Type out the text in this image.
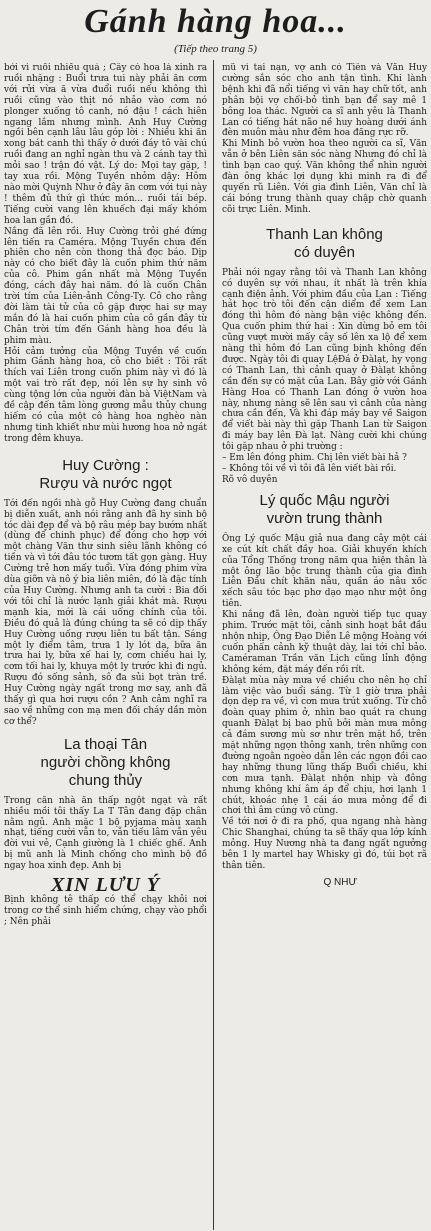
Gánh hàng hoa...
(Tiếp theo trang 5)

bởi vì ruồi nhiều quá ; Cây có hoa lá xinh ra ruồi nhặng : Buổi trưa tui này phải ăn cơm với rửi vừa ă vừa đuổi ruồi nếu không thì ruồi cũng vào thịt nó nhảo vào cơm nó plonger xuống tô canh, nó đậu ! cách hiên ngang lắm nhưng mình. Anh Huy Cường ngồi bên cạnh lâu lâu góp lời : Nhiều khi ăn xong bát canh thì thấy ở dưới đáy tô vài chú ruồi đang an nghỉ ngàn thu và 2 cánh tay thì mỏi sao ! trận đó vật. Lý do: Mọi tay gặp, ! tay xua rồi. Mộng Tuyền nhỏm dậy: Hôm nào mời Quỳnh Như ở đây ăn cơm với tụi này ! thêm đủ thứ gì thức món... ruồi tái bép. Tiếng cười vang lên khuếch đại mấy khóm hoa lan gần đó.

Nắng đã lên rồi. Huy Cường trỏi ghé đứng lên tiến ra Caméra. Mộng Tuyền chưa đến phiên cho nên còn thong thả đọc báo. Dịp này có cho biết đây là cuốn phim thứ năm của cô. Phim gần nhất mà Mộng Tuyền đóng, cách đây hai năm. đó là cuốn Chân trời tím của Liên-ảnh Công-Ty. Cô cho rằng đời làm tài tử của cô gặp được hai sự may mắn đó là hai cuốn phim của cô gần đây từ Chân trời tím đến Gánh hàng hoa đều là phim màu.

Hỏi cảm tưởng của Mộng Tuyền về cuốn phim Gánh hàng hoa, cô cho biết : Tôi rất thích vai Liên trong cuốn phim này vì đó là một vai trò rất đẹp, nói lên sự hy sinh vô cùng tộng lớn của người đàn bà ViệtNam và đề cập đến tâm lòng gương mẫu thủy chung hiếm có của một cô hàng hoa nghèo nàn nhưng tinh khiết như mùi hương hoa nở ngát trong đêm khuya.

Huy Cường :
Rượu và nước ngọt

Tới đến ngồi nhà gỗ Huy Cường đang chuẩn bị diễn xuất, anh nói rằng anh đã hy sinh bộ tóc dài đẹp để và bộ râu mép bay bướm nhất (dùng để chinh phục) để đóng cho hợp với một chàng Văn thư sinh siêu lãnh không có tiền và vì tới đâu tóc tươm tất gọn gàng. Huy Cường trẻ hơn mấy tuổi. Vừa đóng phim vừa dùa giỡn và nô ý bia liên miên, đó là đặc tính của Huy Cường. Nhưng anh ta cười : Bia đối với tôi chỉ là nước lạnh giải khát mà. Rượu mạnh kia, mới là cái uống chính của tôi. Điều đó quả là đúng chúng ta sẽ có dịp thấy Huy Cường uống rượu liên tu bất tận. Sáng một ly điểm tâm, trưa 1 ly lót dạ, bữa ăn trưa hai ly, bữa xế hai ly, cơm chiều hai ly, cơm tối hai ly, khuya một ly trước khi đi ngủ. Rượu đó sống sảnh, sô đa sủi bọt tràn trề. Huy Cường ngày ngất trong mơ say, anh đã thấy gì qua hơi rượu cồn ? Anh cảm nghĩ ra sao về những con mạ men đối cháy dần mòn cơ thể?

La thoại Tân
người chồng không
chung thủy

Trong căn nhà ăn thấp ngột ngạt và rất nhiều mồi tôi thấy La T Tân đang đặp chân nằm ngủ. Anh mặc 1 bộ pyjama màu xanh nhạt, tiếng cười vẫn to, vẫn tiếu lâm vẫn yêu đời vui vẻ, Cạnh giường là 1 chiếc ghế. Anh bị mũ anh là Minh chống cho mình bộ đồ ngay hoa xinh đẹp. Anh bị

XIN LƯU Ý

Bịnh không tê thấp có thể chạy khỏi nơi trong cơ thể sinh hiểm chứng, chạy vào phổi ; Nên phải

mũ vì tai nạn, vợ anh có Tiên và Văn Huy cường sắn sóc cho anh tận tình. Khi lành bệnh khi đã nổi tiếng vì văn hay chữ tốt, anh phân bội vợ chối-bỏ tình bạn để say mê 1 bông loa thác. Người ca sĩ anh yêu là Thanh Lan có tiếng hát não nề huy hoàng dưới ánh đèn muôn màu như đêm hoa đăng rực rỡ.

Khi Minh bỏ vườn hoa theo người ca sĩ, Văn vẫn ở bên Liên săn sóc nàng Nhưng đó chỉ là tình bạn cao quý. Văn không thể nhìn người đàn ông khác lợi dụng khi minh ra đi để quyến rũ Liên. Với gia đình Liên, Văn chỉ là cái bóng trung thành quay chập chờ quanh cõi trực Liên. Minh.

Thanh Lan không
có duyên

Phải nói ngay rằng tôi và Thanh Lan không có duyên sự với nhau, ít nhất là trên khía cạnh điện ảnh. Với phim đầu của Lan : Tiếng hát học trò tôi đến cận diểm để xem Lan đóng thì hôm đó nàng bận việc không đến. Qua cuốn phim thứ hai : Xin dừng bỏ em tôi cũng vượt mười mấy cây số lên xa lộ để xem nàng thì hôm đó Lan cũng bịnh không đến được. Ngày tôi đi quay LệĐá ở Đàlạt, hy vọng có Thanh Lan, thì cảnh quay ở Đàlạt không cần đến sự có mặt của Lan. Bây giờ với Gánh Hàng Hoa có Thanh Lan đóng ở vườn hoa này, nhưng nàng sẽ lên sau vì cảnh của nàng chưa cần đến, Và khi đáp máy bay về Saigon để viết bài này thì gặp Thanh Lan từ Saigon đi máy bay lên Đà lạt. Nàng cười khi chúng tôi gặp nhau ở phi trường :

– Em lên đóng phim. Chị lên viết bài hả ?

– Không tôi về vì tôi đã lên viết bài rồi.

Rõ vô duyên

Lý quốc Mậu người
vườn trung thành

Ông Lý quốc Mậu giả nua đang cây một cái xe cút kít chất đầy hoa. Giải khuyến khích của Tổng Thống trong năm qua hiện thân là một ông lão bộc trung thành của gia đình Liên Đầu chít khăn nâu, quần áo nâu xốc xếch sâu tóc bạc phơ dạo mạo như một ông tiên.

Khi nắng đã lên, đoàn người tiếp tục quay phim. Trước mặt tôi, cảnh sinh hoạt bắt đầu nhộn nhịp, Ông Đạo Diễn Lê mộng Hoàng với cuốn phấn cảnh kỹ thuật dày, lai tới chỉ bảo. Caméraman Trần văn Lịch cũng lỉnh động không kém, đặt máy đến rồi rít.

Đàlạt mùa này mưa về chiều cho nên họ chỉ làm việc vào buổi sáng. Từ 1 giờ trưa phải dọn dẹp ra về, vì cơn mưa trút xuống. Từ chỗ đoàn quay phim ở, nhìn bao quát ra chung quanh Đàlạt bị bao phủ bởi màn mưa mông cả đám sương mù sơ như trên mặt hồ, trên mặt những ngọn thông xanh, trên những con đường ngoằn ngoèo dẫn lên các ngọn đồi cao hay những thung lũng thấp Buổi chiều, khi cơn mưa tạnh. Đàlạt nhộn nhịp và đông nhưng không khí âm áp để chịu, hơi lạnh 1 chút, khoác nhẹ 1 cái áo mưa mỏng để đi chơi thì âm cúng vô cùng.

Về tới nơi ở đi ra phố, qua ngang nhà hàng Chic Shanghai, chúng ta sẽ thấy qua lớp kính mỏng. Huy Nương nhà ta đang ngất ngưởng bên 1 ly martel hay Whisky gì đó, túi bọt rã thân tiên.

Q NHƯ
